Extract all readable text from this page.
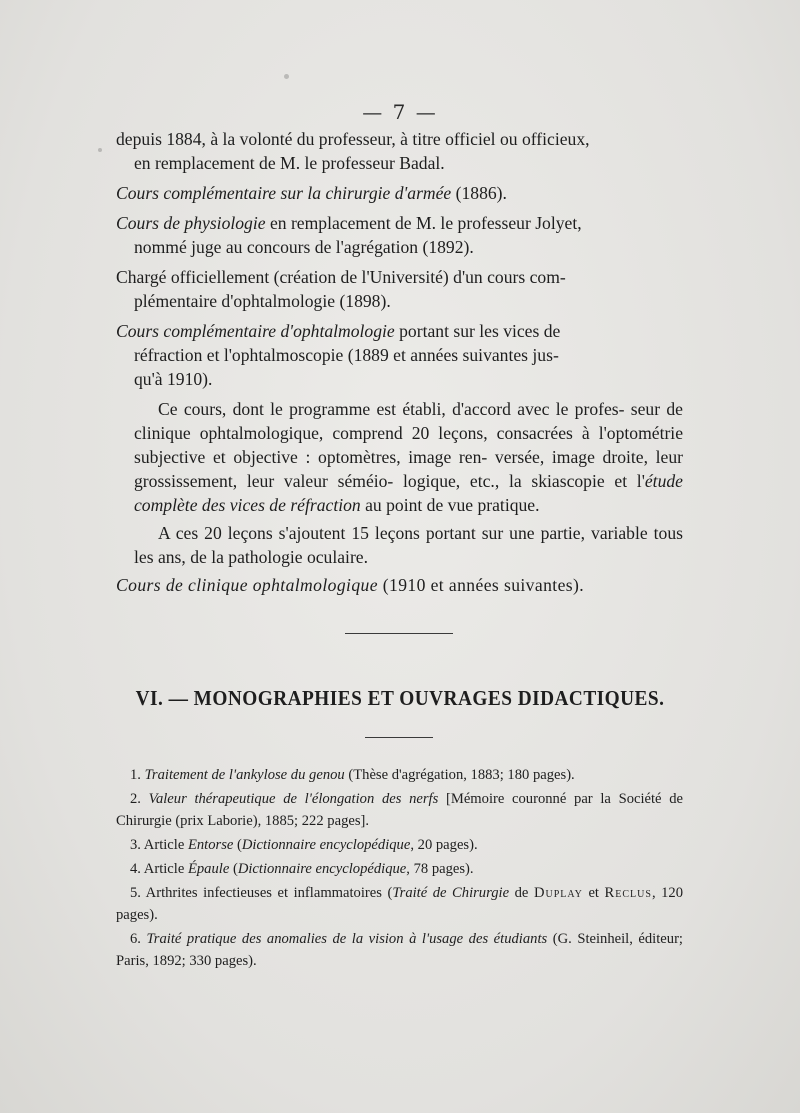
— 7 —
depuis 1884, à la volonté du professeur, à titre officiel ou officieux,
en remplacement de M. le professeur Badal.
Cours complémentaire sur la chirurgie d'armée (1886).
Cours de physiologie en remplacement de M. le professeur Jolyet,
nommé juge au concours de l'agrégation (1892).
Chargé officiellement (création de l'Université) d'un cours com-
plémentaire d'ophtalmologie (1898).
Cours complémentaire d'ophtalmologie portant sur les vices de
réfraction et l'ophtalmoscopie (1889 et années suivantes jus-
qu'à 1910).
Ce cours, dont le programme est établi, d'accord avec le profes- seur de clinique ophtalmologique, comprend 20 leçons, consacrées à l'optométrie subjective et objective : optomètres, image ren- versée, image droite, leur grossissement, leur valeur séméio- logique, etc., la skiascopie et l'étude complète des vices de réfraction au point de vue pratique.
A ces 20 leçons s'ajoutent 15 leçons portant sur une partie, variable tous les ans, de la pathologie oculaire.
Cours de clinique ophtalmologique (1910 et années suivantes).
VI. — MONOGRAPHIES ET OUVRAGES DIDACTIQUES.
1. Traitement de l'ankylose du genou (Thèse d'agrégation, 1883; 180 pages).
2. Valeur thérapeutique de l'élongation des nerfs [Mémoire couronné par la Société de Chirurgie (prix Laborie), 1885; 222 pages].
3. Article Entorse (Dictionnaire encyclopédique, 20 pages).
4. Article Épaule (Dictionnaire encyclopédique, 78 pages).
5. Arthrites infectieuses et inflammatoires (Traité de Chirurgie de Duplay et Reclus, 120 pages).
6. Traité pratique des anomalies de la vision à l'usage des étudiants (G. Steinheil, éditeur; Paris, 1892; 330 pages).
